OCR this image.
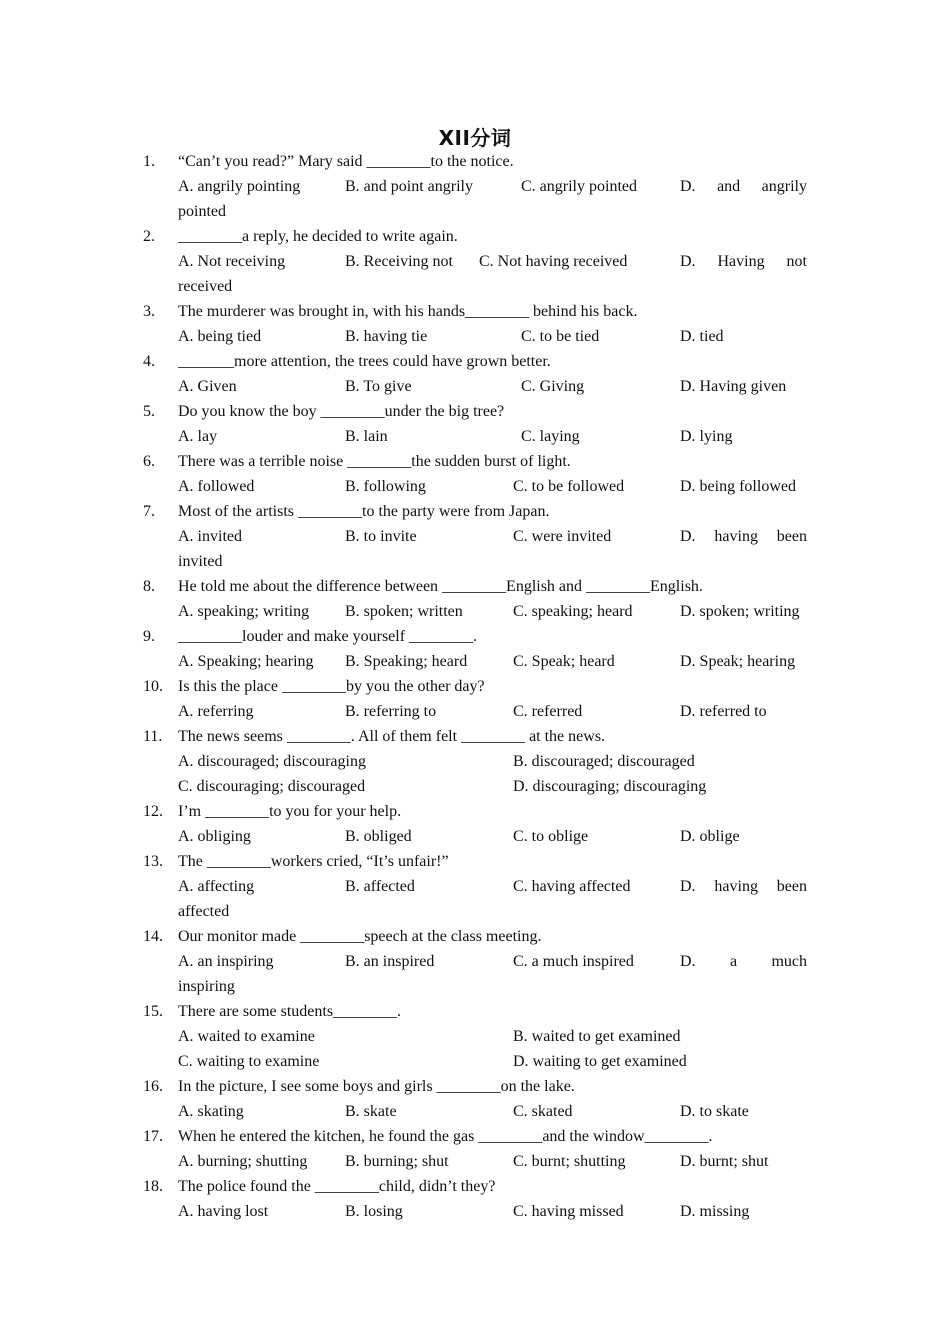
XII分词
1. “Can’t you read?” Mary said ________to the notice.
A. angrily pointing	B. and point angrily	C. angrily pointed	D. and angrily
pointed
2. ________a reply, he decided to write again.
A. Not receiving	B. Receiving not C. Not having received	D. Having not
received
3. The murderer was brought in, with his hands________ behind his back.
A. being tied	B. having tie	C. to be tied	D. tied
4. _______more attention, the trees could have grown better.
A. Given	B. To give	C. Giving	D. Having given
5. Do you know the boy ________under the big tree?
A. lay	B. lain	C. laying	D. lying
6. There was a terrible noise ________the sudden burst of light.
A. followed	B. following	C. to be followed	D. being followed
7. Most of the artists ________to the party were from Japan.
A. invited	B. to invite	C. were invited	D. having been
invited
8. He told me about the difference between ________English and ________English.
A. speaking; writing B. spoken; written	C. speaking; heard	D. spoken; writing
9. ________louder and make yourself ________.
A. Speaking; hearing B. Speaking; heard	C. Speak; heard	D. Speak; hearing
10. Is this the place ________by you the other day?
A. referring	B. referring to	C. referred	D. referred to
11. The news seems ________. All of them felt ________ at the news.
A. discouraged; discouraging	B. discouraged; discouraged
C. discouraging; discouraged	D. discouraging; discouraging
12. I’m ________to you for your help.
A. obliging	B. obliged	C. to oblige	D. oblige
13. The ________workers cried, “It’s unfair!”
A. affecting	B. affected	C. having affected	D. having been
affected
14. Our monitor made ________speech at the class meeting.
A. an inspiring	B. an inspired	C. a much inspired	D. a much
inspiring
15. There are some students________.
A. waited to examine	B. waited to get examined
C. waiting to examine	D. waiting to get examined
16. In the picture, I see some boys and girls ________on the lake.
A. skating	B. skate	C. skated	D. to skate
17. When he entered the kitchen, he found the gas ________and the window________.
A. burning; shutting B. burning; shut	C. burnt; shutting	D. burnt; shut
18. The police found the ________child, didn’t they?
A. having lost	B. losing	C. having missed	D. missing
